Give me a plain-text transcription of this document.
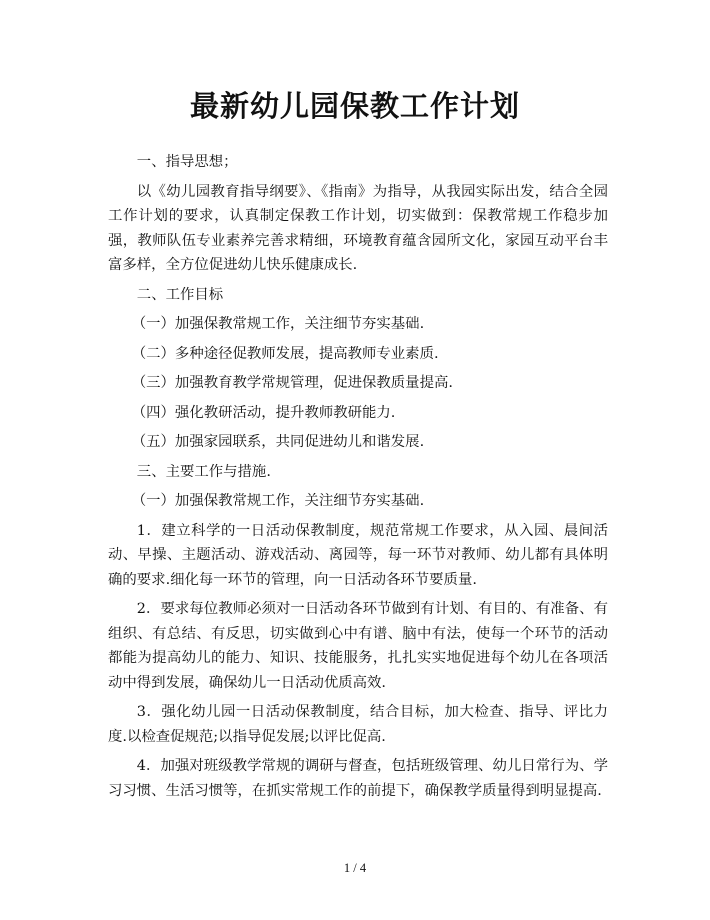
最新幼儿园保教工作计划

一、指导思想；

以《幼儿园教育指导纲要》、《指南》为指导，从我园实际出发，结合全园工作计划的要求，认真制定保教工作计划，切实做到：保教常规工作稳步加强，教师队伍专业素养完善求精细，环境教育蕴含园所文化，家园互动平台丰富多样，全方位促进幼儿快乐健康成长.

二、工作目标

（一）加强保教常规工作，关注细节夯实基础.

（二）多种途径促教师发展，提高教师专业素质.

（三）加强教育教学常规管理，促进保教质量提高.

（四）强化教研活动，提升教师教研能力.

（五）加强家园联系，共同促进幼儿和谐发展.

三、主要工作与措施.

（一）加强保教常规工作，关注细节夯实基础.

1．建立科学的一日活动保教制度，规范常规工作要求，从入园、晨间活动、早操、主题活动、游戏活动、离园等，每一环节对教师、幼儿都有具体明确的要求.细化每一环节的管理，向一日活动各环节要质量.

2．要求每位教师必须对一日活动各环节做到有计划、有目的、有准备、有组织、有总结、有反思，切实做到心中有谱、脑中有法，使每一个环节的活动都能为提高幼儿的能力、知识、技能服务，扎扎实实地促进每个幼儿在各项活动中得到发展，确保幼儿一日活动优质高效.

3．强化幼儿园一日活动保教制度，结合目标，加大检查、指导、评比力度.以检查促规范;以指导促发展;以评比促高.

4．加强对班级教学常规的调研与督查，包括班级管理、幼儿日常行为、学习习惯、生活习惯等，在抓实常规工作的前提下，确保教学质量得到明显提高.

1 / 4
